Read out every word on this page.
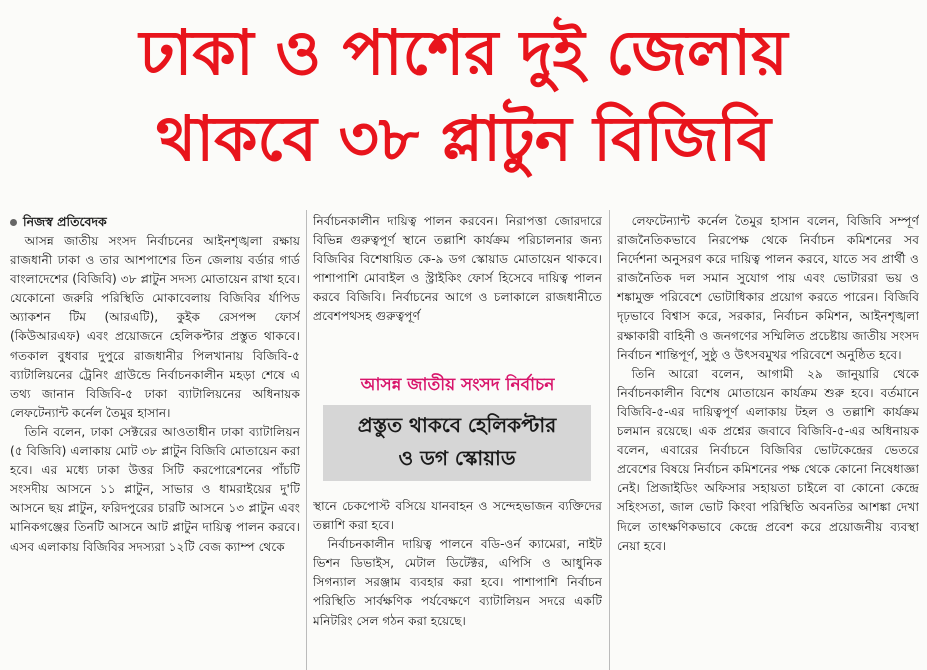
ঢাকা ও পাশের দুই জেলায়
থাকবে ৩৮ প্লাটুন বিজিবি
নিজস্ব প্রতিবেদক

আসন্ন জাতীয় সংসদ নির্বাচনের আইনশৃঙ্খলা রক্ষায় রাজধানী ঢাকা ও তার আশপাশের তিন জেলায় বর্ডার গার্ড বাংলাদেশের (বিজিবি) ৩৮ প্লাটুন সদস্য মোতায়েন রাখা হবে। যেকোনো জরুরি পরিস্থিতি মোকাবেলায় বিজিবির র্যাপিড অ্যাকশন টিম (আরএটি), কুইক রেসপন্স ফোর্স (কিউআরএফ) এবং প্রয়োজনে হেলিকপ্টার প্রস্তুত থাকবে। গতকাল বুধবার দুপুরে রাজধানীর পিলখানায় বিজিবি-৫ ব্যাটালিয়নের ট্রেনিং গ্রাউন্ডে নির্বাচনকালীন মহড়া শেষে এ তথ্য জানান বিজিবি-৫ ঢাকা ব্যাটালিয়নের অধিনায়ক লেফটেন্যান্ট কর্নেল তৈমুর হাসান।

তিনি বলেন, ঢাকা সেক্টরের আওতাধীন ঢাকা ব্যাটালিয়ন (৫ বিজিবি) এলাকায় মোট ৩৮ প্লাটুন বিজিবি মোতায়েন করা হবে। এর মধ্যে ঢাকা উত্তর সিটি করপোরেশনের পাঁচটি সংসদীয় আসনে ১১ প্লাটুন, সাভার ও ধামরাইয়ের দু'টি আসনে ছয় প্লাটুন, ফরিদপুরের চারটি আসনে ১৩ প্লাটুন এবং মানিকগঞ্জের তিনটি আসনে আট প্লাটুন দায়িত্ব পালন করবে। এসব এলাকায় বিজিবির সদস্যরা ১২টি বেজ ক্যাম্প থেকে

নির্বাচনকালীন দায়িত্ব পালন করবেন। নিরাপত্তা জোরদারে বিভিন্ন গুরুত্বপূর্ণ স্থানে তল্লাশি কার্যক্রম পরিচালনার জন্য বিজিবির বিশেষায়িত কে-৯ ডগ স্কোয়াড মোতায়েন থাকবে। পাশাপাশি মোবাইল ও স্ট্রাইকিং ফোর্স হিসেবে দায়িত্ব পালন করবে বিজিবি। নির্বাচনের আগে ও চলাকালে রাজধানীতে প্রবেশপথসহ গুরুত্বপূর্ণ

আসন্ন জাতীয় সংসদ নির্বাচন
প্রস্তুত থাকবে হেলিকপ্টার
ও ডগ স্কোয়াড

স্থানে চেকপোস্ট বসিয়ে যানবাহন ও সন্দেহভাজন ব্যক্তিদের তল্লাশি করা হবে।

নির্বাচনকালীন দায়িত্ব পালনে বডি-ওর্ন ক্যামেরা, নাইট ভিশন ডিভাইস, মেটাল ডিটেক্টর, এপিসি ও আধুনিক সিগন্যাল সরঞ্জাম ব্যবহার করা হবে। পাশাপাশি নির্বাচন পরিস্থিতি সার্বক্ষণিক পর্যবেক্ষণে ব্যাটালিয়ন সদরে একটি মনিটরিং সেল গঠন করা হয়েছে।

লেফটেন্যান্ট কর্নেল তৈমুর হাসান বলেন, বিজিবি সম্পূর্ণ রাজনৈতিকভাবে নিরপেক্ষ থেকে নির্বাচন কমিশনের সব নির্দেশনা অনুসরণ করে দায়িত্ব পালন করবে, যাতে সব প্রার্থী ও রাজনৈতিক দল সমান সুযোগ পায় এবং ভোটাররা ভয় ও শঙ্কামুক্ত পরিবেশে ভোটাধিকার প্রয়োগ করতে পারেন। বিজিবি দৃঢ়ভাবে বিশ্বাস করে, সরকার, নির্বাচন কমিশন, আইনশৃঙ্খলা রক্ষাকারী বাহিনী ও জনগণের সম্মিলিত প্রচেষ্টায় জাতীয় সংসদ নির্বাচন শান্তিপূর্ণ, সুষ্ঠু ও উৎসবমুখর পরিবেশে অনুষ্ঠিত হবে।

তিনি আরো বলেন, আগামী ২৯ জানুয়ারি থেকে নির্বাচনকালীন বিশেষ মোতায়েন কার্যক্রম শুরু হবে। বর্তমানে বিজিবি-৫-এর দায়িত্বপূর্ণ এলাকায় টহল ও তল্লাশি কার্যক্রম চলমান রয়েছে। এক প্রশ্নের জবাবে বিজিবি-৫-এর অধিনায়ক বলেন, এবারের নির্বাচনে বিজিবির ভোটকেন্দ্রের ভেতরে প্রবেশের বিষয়ে নির্বাচন কমিশনের পক্ষ থেকে কোনো নিষেধাজ্ঞা নেই। প্রিজাইডিং অফিসার সহায়তা চাইলে বা কোনো কেন্দ্রে সহিংসতা, জাল ভোট কিংবা পরিস্থিতি অবনতির আশঙ্কা দেখা দিলে তাৎক্ষণিকভাবে কেন্দ্রে প্রবেশ করে প্রয়োজনীয় ব্যবস্থা নেয়া হবে।
